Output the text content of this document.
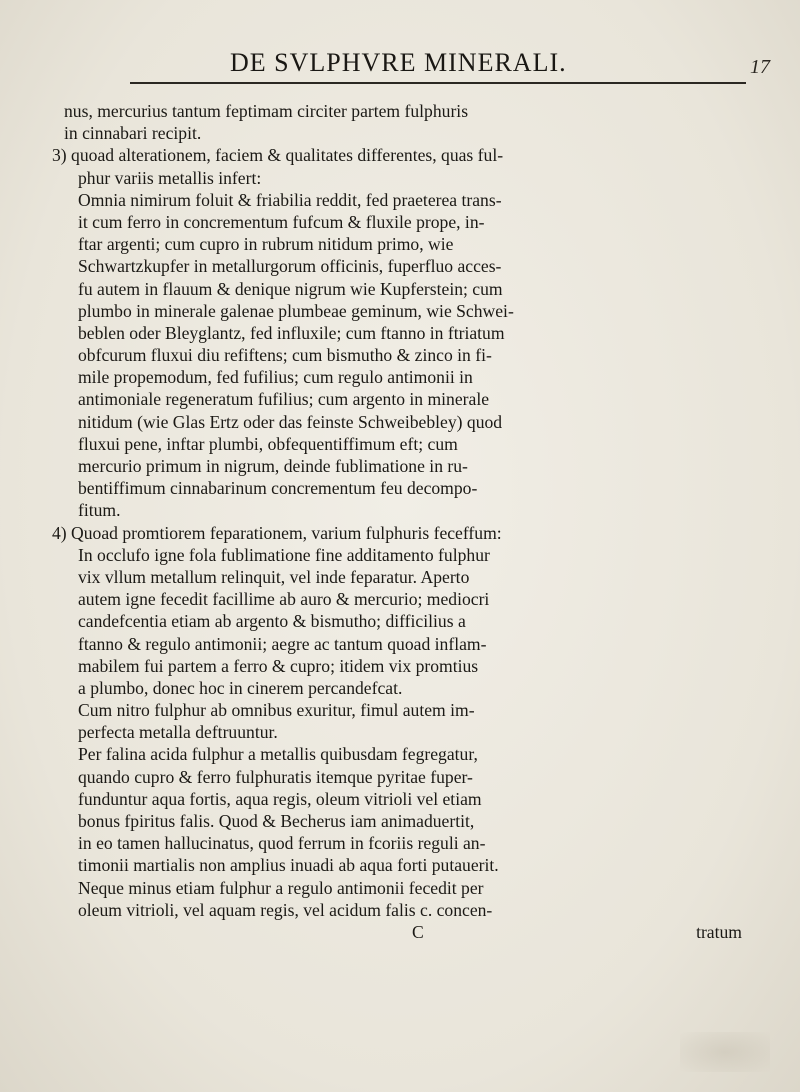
DE SVLPHVRE MINERALI.	17
nus, mercurius tantum feptimam circiter partem fulphuris
in cinnabari recipit.
3) quoad alterationem, faciem & qualitates differentes, quas ful-
phur variis metallis infert:
Omnia nimirum foluit & friabilia reddit, fed praeterea trans-
it cum ferro in concrementum fufcum & fluxile prope, in-
ftar argenti; cum cupro in rubrum nitidum primo, wie
Schwartzkupfer in metallurgorum officinis, fuperfluo acces-
fu autem in flauum & denique nigrum wie Kupferstein; cum
plumbo in minerale galenae plumbeae geminum, wie Schwei-
beblen oder Bleyglantz, fed influxile; cum ftanno in ftriatum
obfcurum fluxui diu refiftens; cum bismutho & zinco in fi-
mile propemodum, fed fufilius; cum regulo antimonii in
antimoniale regeneratum fufilius; cum argento in minerale
nitidum (wie Glas Ertz oder das feinste Schweibebley) quod
fluxui pene, inftar plumbi, obfequentiffimum eft; cum
mercurio primum in nigrum, deinde fublimatione in ru-
bentiffimum cinnabarinum concrementum feu decompo-
fitum.
4) Quoad promtiorem feparationem, varium fulphuris feceffum:
In occlufo igne fola fublimatione fine additamento fulphur
vix vllum metallum relinquit, vel inde feparatur. Aperto
autem igne fecedit facillime ab auro & mercurio; mediocri
candefcentia etiam ab argento & bismutho; difficilius a
ftanno & regulo antimonii; aegre ac tantum quoad inflam-
mabilem fui partem a ferro & cupro; itidem vix promtius
a plumbo, donec hoc in cinerem percandefcat.
Cum nitro fulphur ab omnibus exuritur, fimul autem im-
perfecta metalla deftruuntur.
Per falina acida fulphur a metallis quibusdam fegregatur,
quando cupro & ferro fulphuratis itemque pyritae fuper-
funduntur aqua fortis, aqua regis, oleum vitrioli vel etiam
bonus fpiritus falis. Quod & Becherus iam animaduertit,
in eo tamen hallucinatus, quod ferrum in fcoriis reguli an-
timonii martialis non amplius inuadi ab aqua forti putauerit.
Neque minus etiam fulphur a regulo antimonii fecedit per
oleum vitrioli, vel aquam regis, vel acidum falis c. concen-
C	tratum
